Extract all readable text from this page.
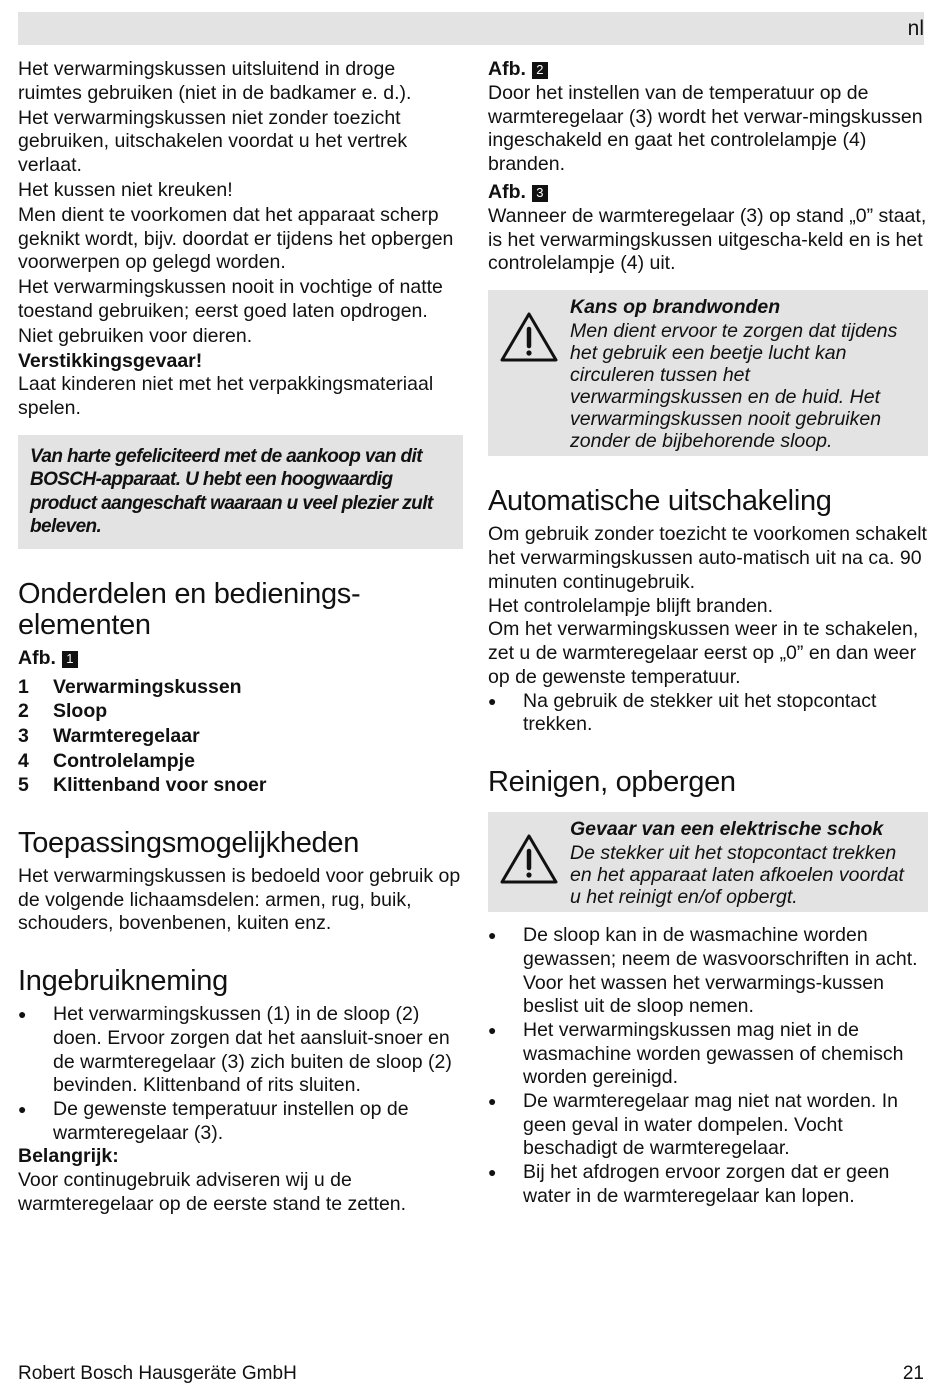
nl

Het verwarmingskussen uitsluitend in droge ruimtes gebruiken (niet in de badkamer e. d.).

Het verwarmingskussen niet zonder toezicht gebruiken, uitschakelen voordat u het vertrek verlaat.

Het kussen niet kreuken!

Men dient te voorkomen dat het apparaat scherp geknikt wordt, bijv. doordat er tijdens het opbergen voorwerpen op gelegd worden.

Het verwarmingskussen nooit in vochtige of natte toestand gebruiken; eerst goed laten opdrogen.

Niet gebruiken voor dieren.

Verstikkingsgevaar!

Laat kinderen niet met het verpakkingsmateriaal spelen.

Van harte gefeliciteerd met de aankoop van dit BOSCH-apparaat. U hebt een hoogwaardig product aangeschaft waaraan u veel plezier zult beleven.
Onderdelen en bedienings-elementen
Afb. 1
1	Verwarmingskussen
2	Sloop
3	Warmteregelaar
4	Controlelampje
5	Klittenband voor snoer
Toepassingsmogelijkheden

Het verwarmingskussen is bedoeld voor gebruik op de volgende lichaamsdelen: armen, rug, buik, schouders, bovenbenen, kuiten enz.

Ingebruikneming
● Het verwarmingskussen (1) in de sloop (2) doen. Ervoor zorgen dat het aansluit-snoer en de warmteregelaar (3) zich buiten de sloop (2) bevinden. Klittenband of rits sluiten.
● De gewenste temperatuur instellen op de warmteregelaar (3).

Belangrijk:

Voor continugebruik adviseren wij u de warmteregelaar op de eerste stand te zetten.

Afb. 2

Door het instellen van de temperatuur op de warmteregelaar (3) wordt het verwar-mingskussen ingeschakeld en gaat het controlelampje (4) branden.

Afb. 3

Wanneer de warmteregelaar (3) op stand „0” staat, is het verwarmingskussen uitgescha-keld en is het controlelampje (4) uit.

Kans op brandwonden
Men dient ervoor te zorgen dat tijdens het gebruik een beetje lucht kan circuleren tussen het verwarmingskussen en de huid. Het verwarmingskussen nooit gebruiken zonder de bijbehorende sloop.
Automatische uitschakeling

Om gebruik zonder toezicht te voorkomen schakelt het verwarmingskussen auto-matisch uit na ca. 90 minuten continugebruik.

Het controlelampje blijft branden.

Om het verwarmingskussen weer in te schakelen, zet u de warmteregelaar eerst op „0” en dan weer op de gewenste temperatuur.

● Na gebruik de stekker uit het stopcontact trekken.
Reinigen, opbergen
Gevaar van een elektrische schok
De stekker uit het stopcontact trekken en het apparaat laten afkoelen voordat u het reinigt en/of opbergt.
● De sloop kan in de wasmachine worden gewassen; neem de wasvoorschriften in acht. Voor het wassen het verwarmings-kussen beslist uit de sloop nemen.
● Het verwarmingskussen mag niet in de wasmachine worden gewassen of chemisch worden gereinigd.
● De warmteregelaar mag niet nat worden. In geen geval in water dompelen. Vocht beschadigt de warmteregelaar.
● Bij het afdrogen ervoor zorgen dat er geen water in de warmteregelaar kan lopen.
Robert Bosch Hausgeräte GmbH	21
